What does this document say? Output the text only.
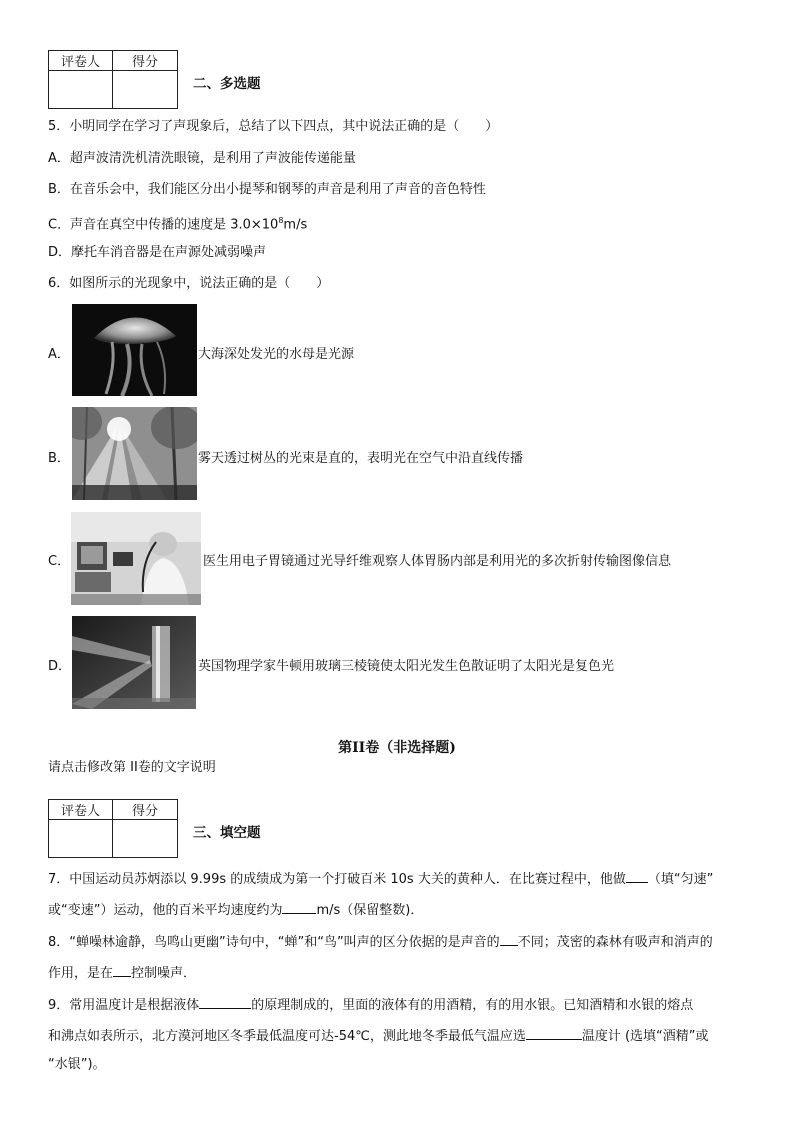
评卷人	得分

二、多选题
5．小明同学在学习了声现象后，总结了以下四点，其中说法正确的是（　　）
A．超声波清洗机清洗眼镜，是利用了声波能传递能量
B．在音乐会中，我们能区分出小提琴和钢琴的声音是利用了声音的音色特性
C．声音在真空中传播的速度是 $3.0\times 10^8m/s$
D．摩托车消音器是在声源处减弱噪声
6．如图所示的光现象中，说法正确的是（　　）
A．	大海深处发光的水母是光源
B．	雾天透过树丛的光束是直的，表明光在空气中沿直线传播
C．	医生用电子胃镜通过光导纤维观察人体胃肠内部是利用光的多次折射传输图像信息
D．	英国物理学家牛顿用玻璃三棱镜使太阳光发生色散证明了太阳光是复色光
第II卷（非选择题)
请点击修改第 II卷的文字说明
评卷人	得分

三、填空题
7．中国运动员苏炳添以 9.99s 的成绩成为第一个打破百米 10s 大关的黄种人．在比赛过程中，他做 （填“匀速”
或“变速”）运动，他的百米平均速度约为	m/s（保留整数)．
8．“蝉噪林逾静，鸟鸣山更幽”诗句中，“蝉”和“鸟”叫声的区分依据的是声音的 不同；茂密的森林有吸声和消声的
作用，是在 控制噪声．
9．常用温度计是根据液体	的原理制成的，里面的液体有的用酒精，有的用水银。已知酒精和水银的熔点
和沸点如表所示，北方漠河地区冬季最低温度可达-54℃，测此地冬季最低气温应选	温度计 (选填“酒精”或
“水银”)。
